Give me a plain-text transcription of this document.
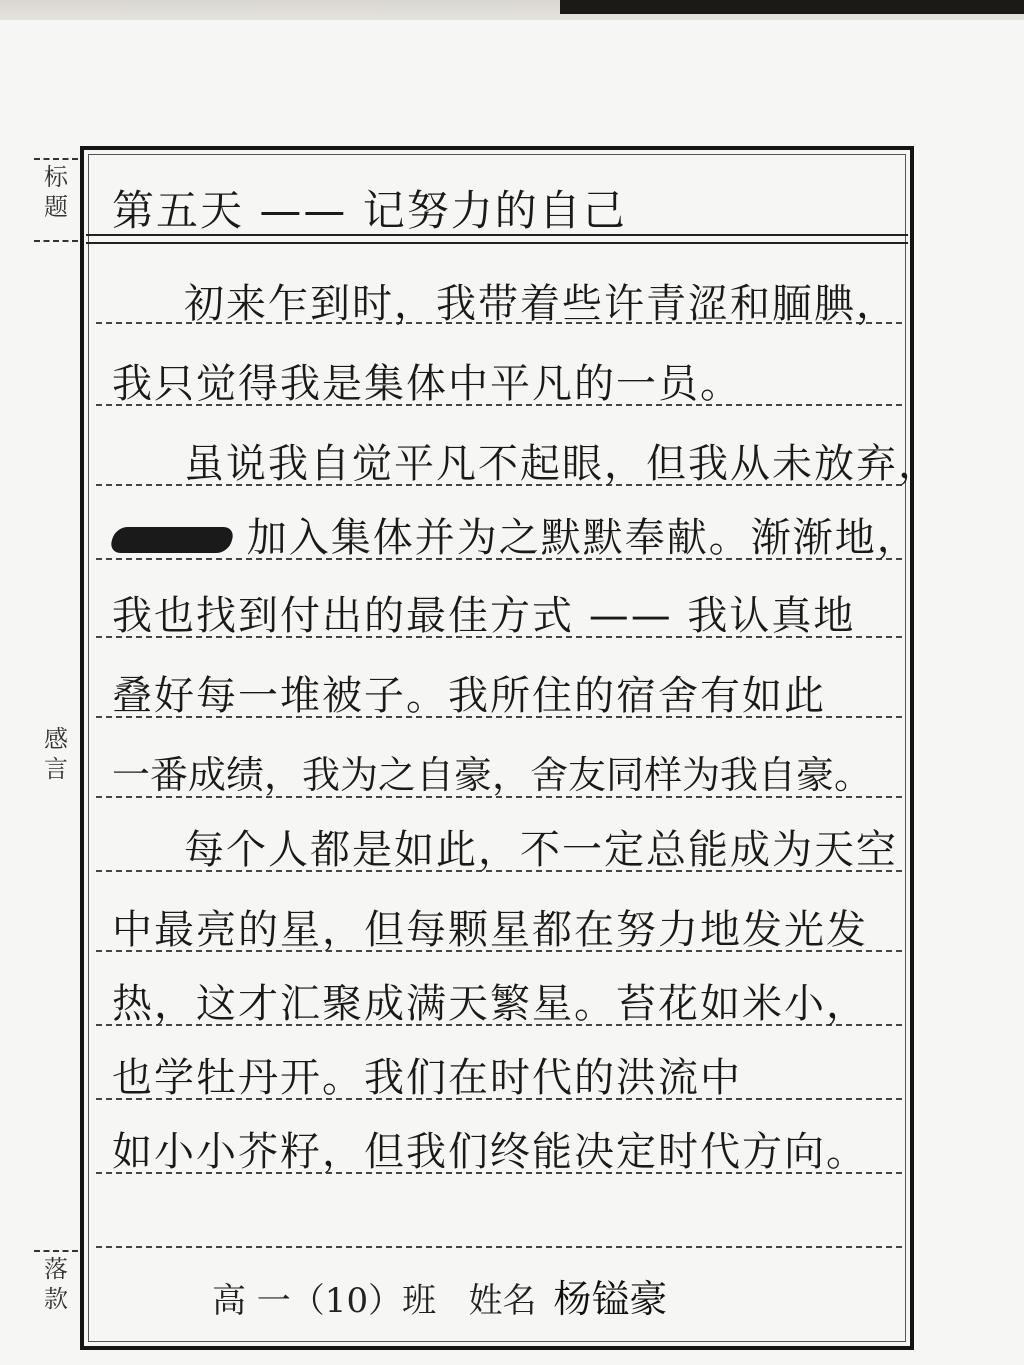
标题
感言
落款
第五天 —— 记努力的自己
初来乍到时，我带着些许青涩和腼腆，
我只觉得我是集体中平凡的一员。
虽说我自觉平凡不起眼，但我从未放弃，
加入集体并为之默默奉献。渐渐地，
我也找到付出的最佳方式 —— 我认真地
叠好每一堆被子。我所住的宿舍有如此
一番成绩，我为之自豪，舍友同样为我自豪。
每个人都是如此，不一定总能成为天空
中最亮的星，但每颗星都在努力地发光发
热，这才汇聚成满天繁星。苔花如米小，
也学牡丹开。我们在时代的洪流中
如小小芥籽，但我们终能决定时代方向。
高 一（10）班 姓名 杨镒豪
